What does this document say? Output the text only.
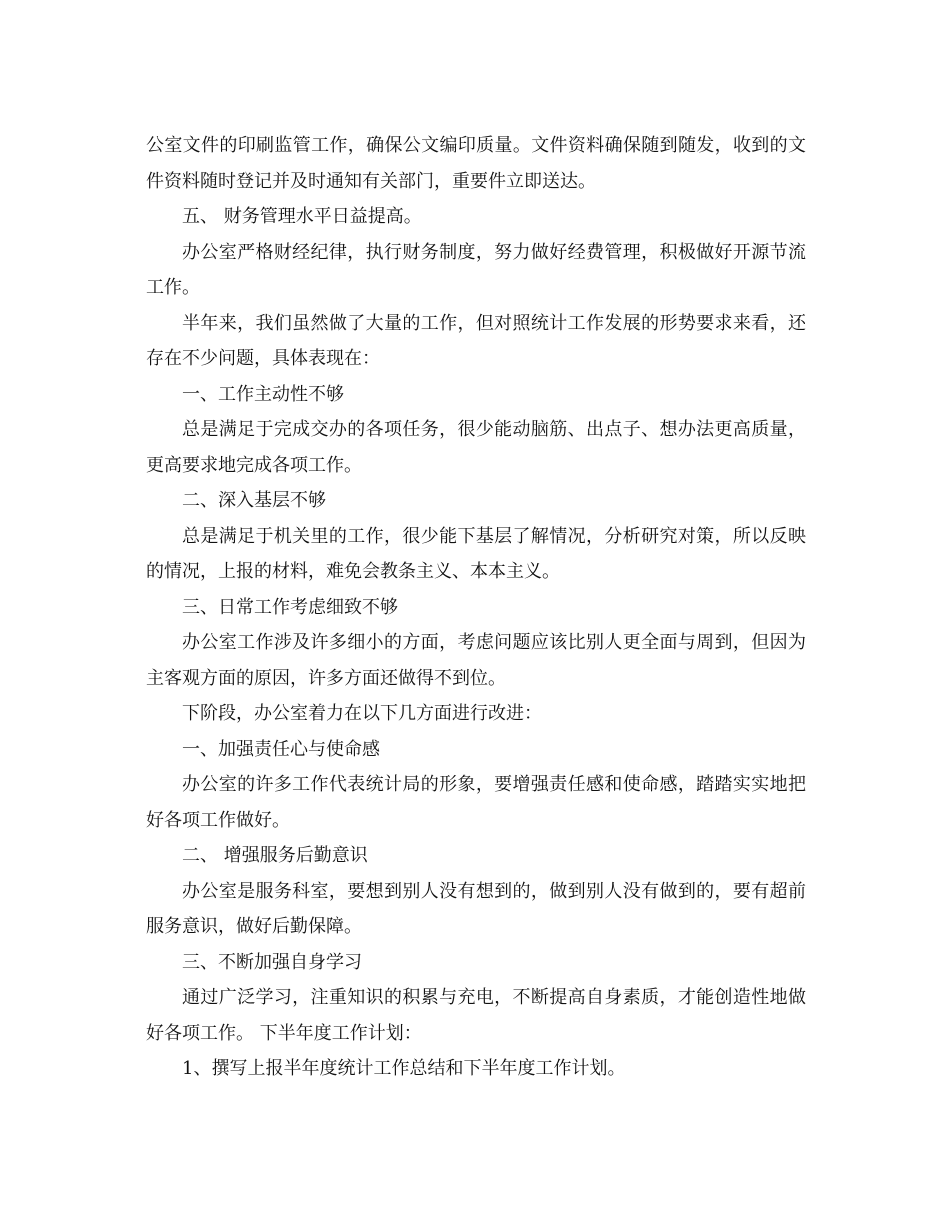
公室文件的印刷监管工作，确保公文编印质量。文件资料确保随到随发，收到的文件资料随时登记并及时通知有关部门，重要件立即送达。

五、 财务管理水平日益提高。

办公室严格财经纪律，执行财务制度，努力做好经费管理，积极做好开源节流工作。

半年来，我们虽然做了大量的工作，但对照统计工作发展的形势要求来看，还存在不少问题，具体表现在：

一、工作主动性不够

总是满足于完成交办的各项任务，很少能动脑筋、出点子、想办法更高质量，更高要求地完成各项工作。

二、深入基层不够

总是满足于机关里的工作，很少能下基层了解情况，分析研究对策，所以反映的情况，上报的材料，难免会教条主义、本本主义。

三、日常工作考虑细致不够

办公室工作涉及许多细小的方面，考虑问题应该比别人更全面与周到，但因为主客观方面的原因，许多方面还做得不到位。

下阶段，办公室着力在以下几方面进行改进：

一、加强责任心与使命感

办公室的许多工作代表统计局的形象，要增强责任感和使命感，踏踏实实地把好各项工作做好。

二、 增强服务后勤意识

办公室是服务科室，要想到别人没有想到的，做到别人没有做到的，要有超前服务意识，做好后勤保障。

三、不断加强自身学习

通过广泛学习，注重知识的积累与充电，不断提高自身素质，才能创造性地做好各项工作。 下半年度工作计划：

1、撰写上报半年度统计工作总结和下半年度工作计划。
